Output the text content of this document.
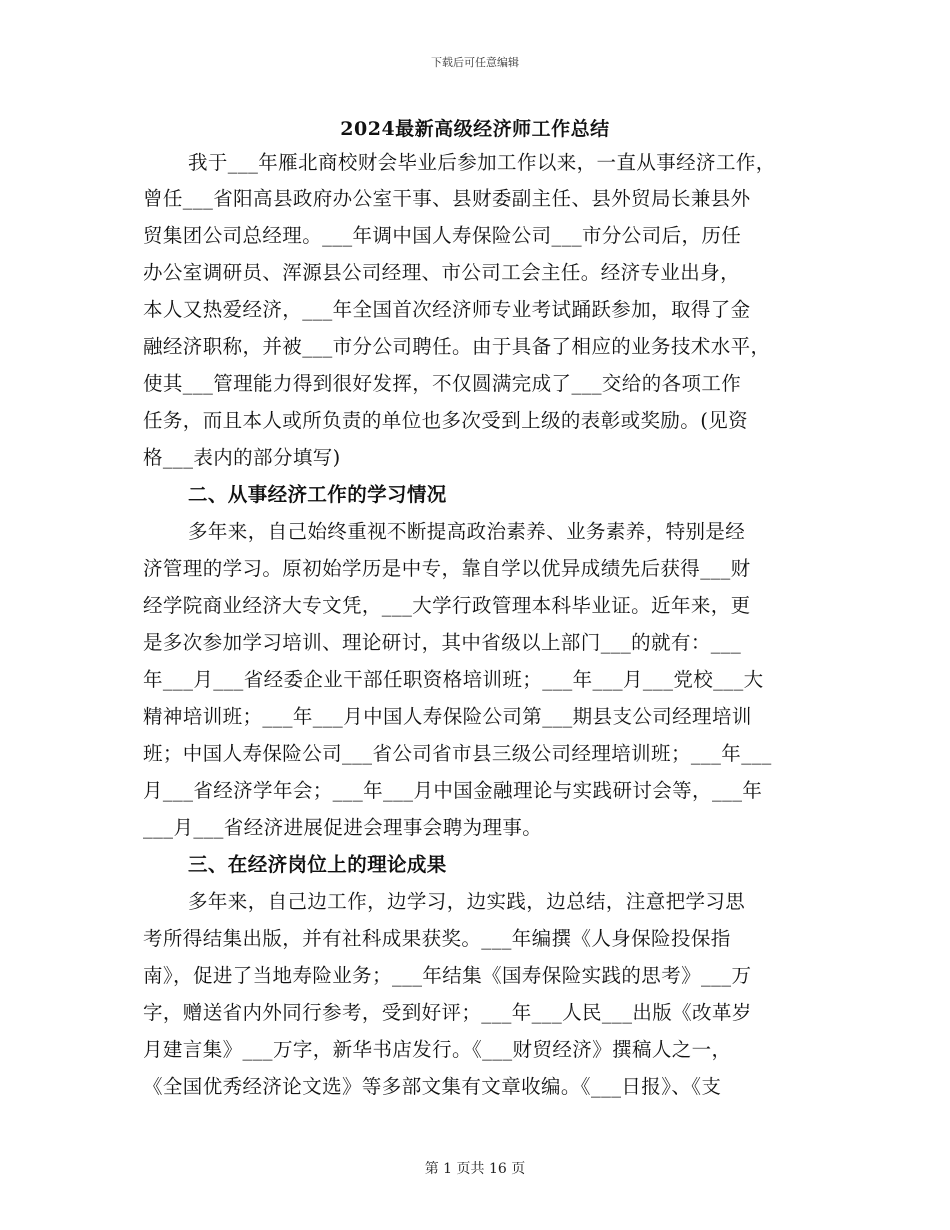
下载后可任意编辑
2024最新高级经济师工作总结
我于___年雁北商校财会毕业后参加工作以来，一直从事经济工作，
曾任___省阳高县政府办公室干事、县财委副主任、县外贸局长兼县外
贸集团公司总经理。___年调中国人寿保险公司___市分公司后，历任
办公室调研员、浑源县公司经理、市公司工会主任。经济专业出身，
本人又热爱经济，___年全国首次经济师专业考试踊跃参加，取得了金
融经济职称，并被___市分公司聘任。由于具备了相应的业务技术水平，
使其___管理能力得到很好发挥，不仅圆满完成了___交给的各项工作
任务，而且本人或所负责的单位也多次受到上级的表彰或奖励。(见资
格___表内的部分填写)
二、从事经济工作的学习情况
多年来，自己始终重视不断提高政治素养、业务素养，特别是经
济管理的学习。原初始学历是中专，靠自学以优异成绩先后获得___财
经学院商业经济大专文凭，___大学行政管理本科毕业证。近年来，更
是多次参加学习培训、理论研讨，其中省级以上部门___的就有：___
年___月___省经委企业干部任职资格培训班；___年___月___党校___大
精神培训班；___年___月中国人寿保险公司第___期县支公司经理培训
班；中国人寿保险公司___省公司省市县三级公司经理培训班；___年___
月___省经济学年会；___年___月中国金融理论与实践研讨会等，___年
___月___省经济进展促进会理事会聘为理事。
三、在经济岗位上的理论成果
多年来，自己边工作，边学习，边实践，边总结，注意把学习思
考所得结集出版，并有社科成果获奖。___年编撰《人身保险投保指
南》，促进了当地寿险业务；___年结集《国寿保险实践的思考》___万
字，赠送省内外同行参考，受到好评；___年___人民___出版《改革岁
月建言集》___万字，新华书店发行。《___财贸经济》撰稿人之一，
《全国优秀经济论文选》等多部文集有文章收编。《___日报》、《支
第 1 页共 16 页
